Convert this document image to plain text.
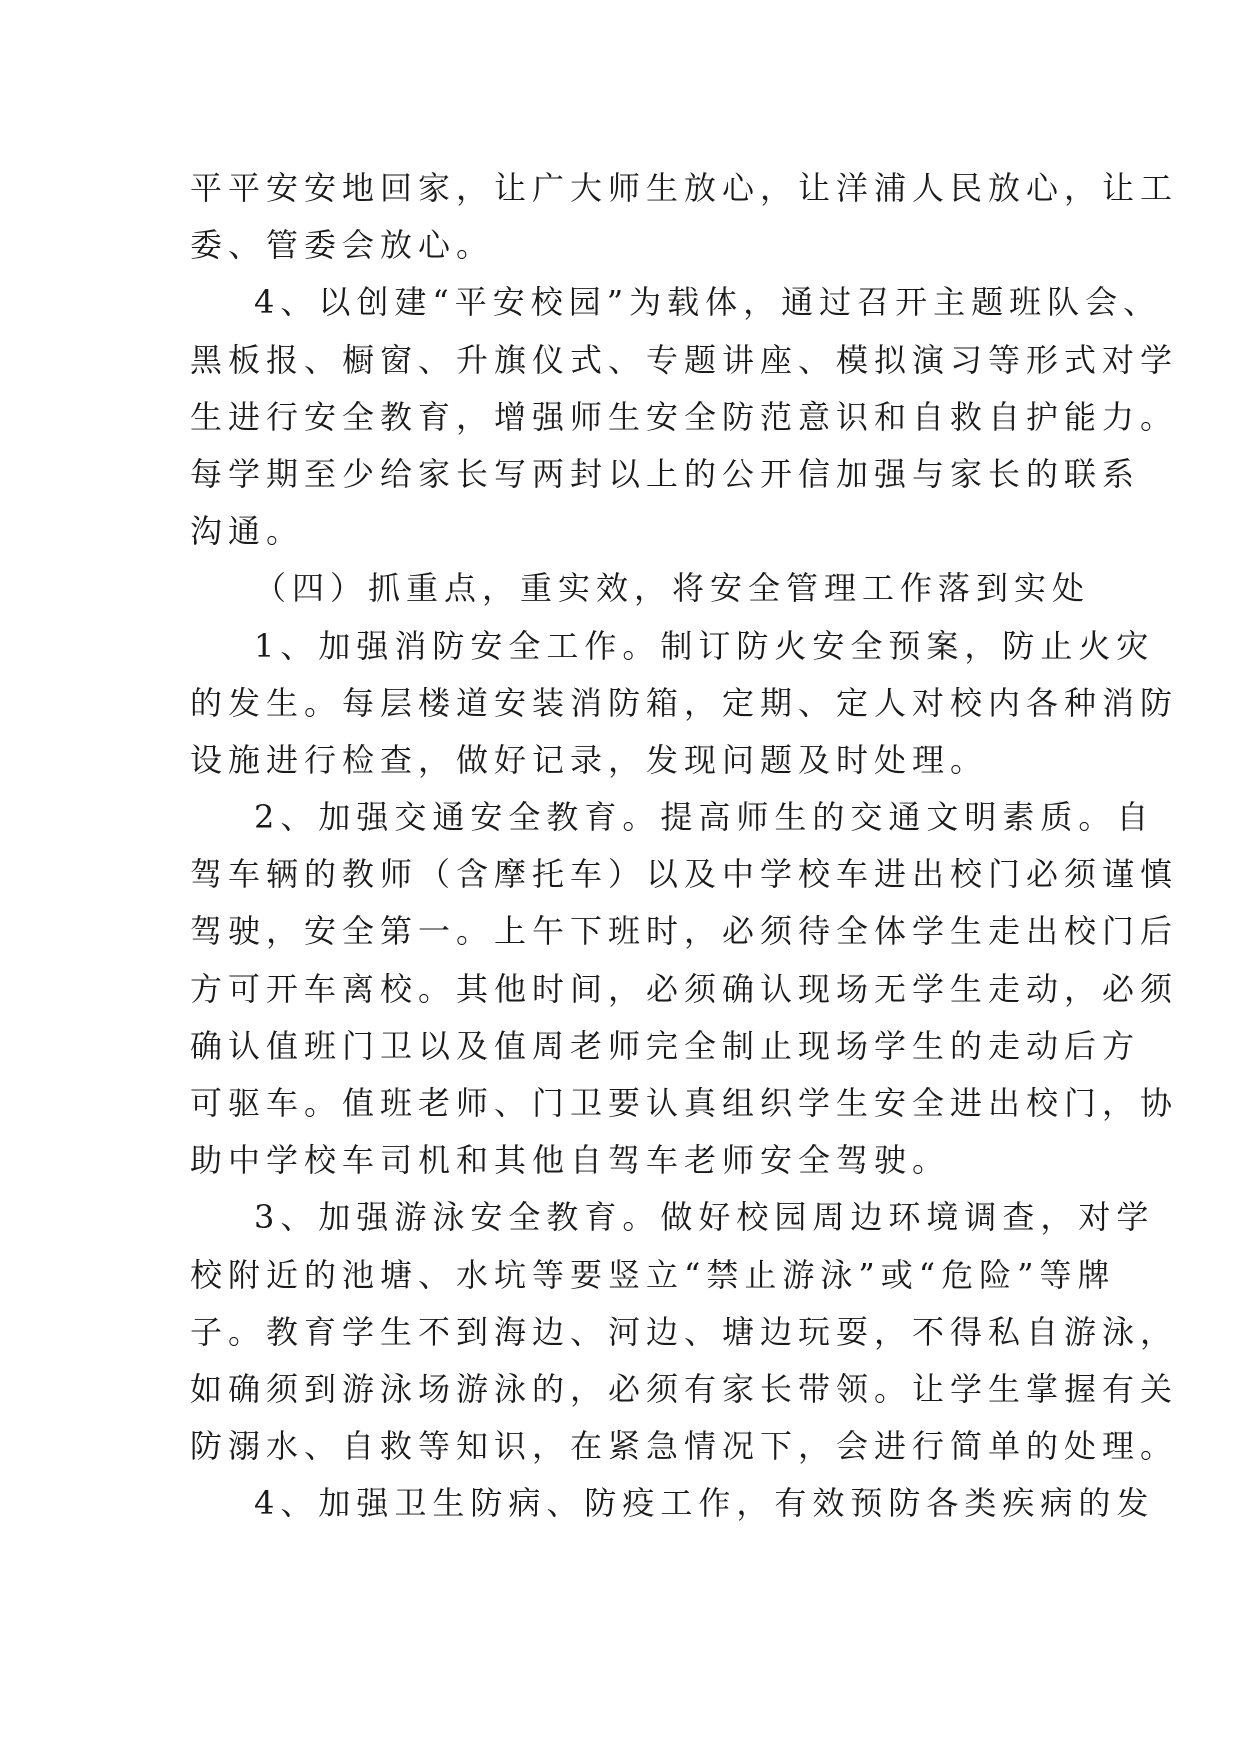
平平安安地回家，让广大师生放心，让洋浦人民放心，让工
委、管委会放心。
4、以创建“平安校园”为载体，通过召开主题班队会、
黑板报、橱窗、升旗仪式、专题讲座、模拟演习等形式对学
生进行安全教育，增强师生安全防范意识和自救自护能力。
每学期至少给家长写两封以上的公开信加强与家长的联系
沟通。
（四）抓重点，重实效，将安全管理工作落到实处
1、加强消防安全工作。制订防火安全预案，防止火灾
的发生。每层楼道安装消防箱，定期、定人对校内各种消防
设施进行检查，做好记录，发现问题及时处理。
2、加强交通安全教育。提高师生的交通文明素质。自
驾车辆的教师（含摩托车）以及中学校车进出校门必须谨慎
驾驶，安全第一。上午下班时，必须待全体学生走出校门后
方可开车离校。其他时间，必须确认现场无学生走动，必须
确认值班门卫以及值周老师完全制止现场学生的走动后方
可驱车。值班老师、门卫要认真组织学生安全进出校门，协
助中学校车司机和其他自驾车老师安全驾驶。
3、加强游泳安全教育。做好校园周边环境调查，对学
校附近的池塘、水坑等要竖立“禁止游泳”或“危险”等牌
子。教育学生不到海边、河边、塘边玩耍，不得私自游泳，
如确须到游泳场游泳的，必须有家长带领。让学生掌握有关
防溺水、自救等知识，在紧急情况下，会进行简单的处理。
4、加强卫生防病、防疫工作，有效预防各类疾病的发
